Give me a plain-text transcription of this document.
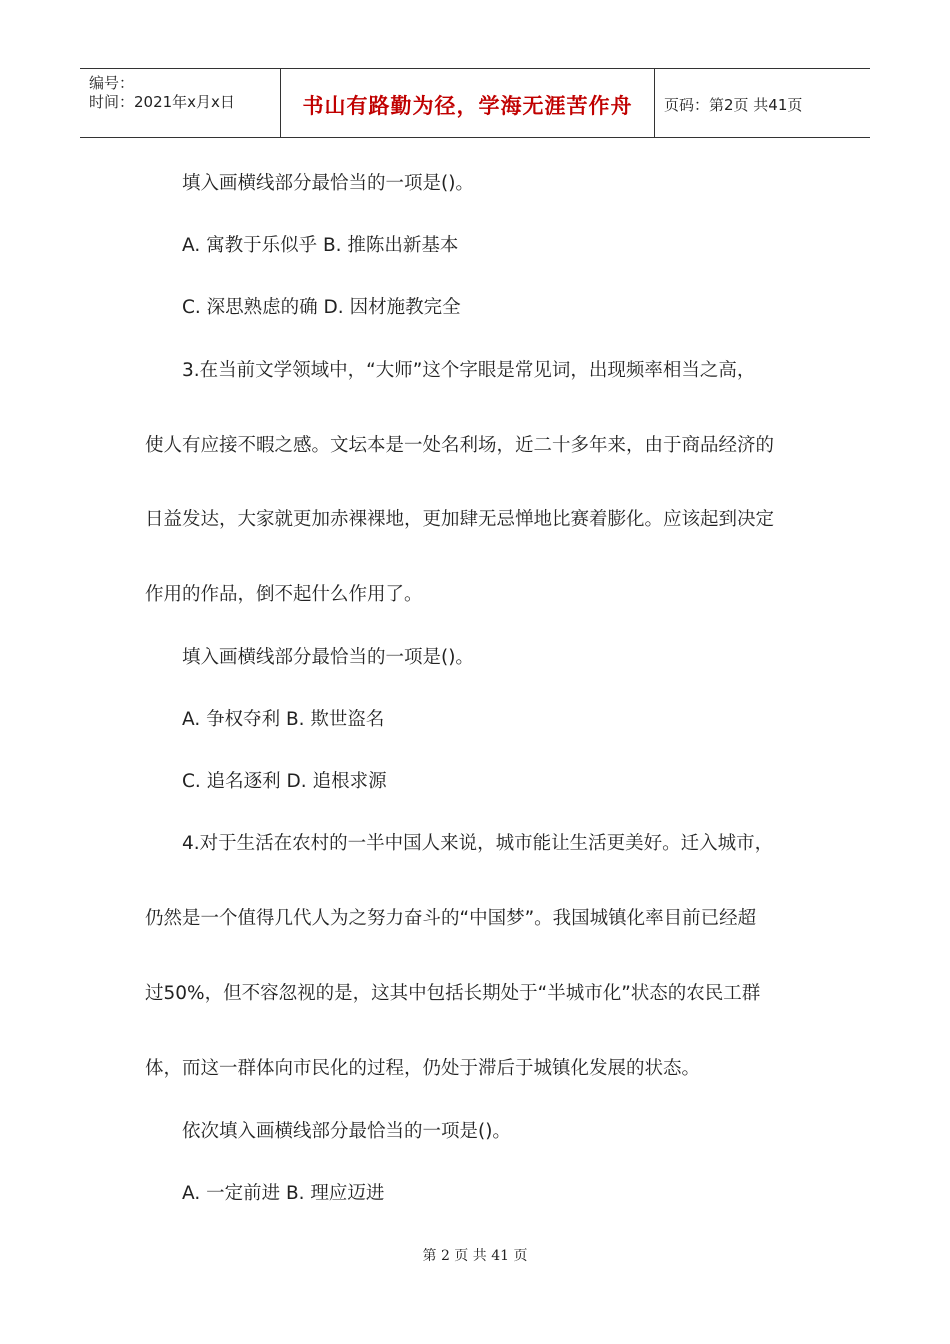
编号：
时间：2021年x月x日	书山有路勤为径，学海无涯苦作舟	页码：第2页 共41页
填入画横线部分最恰当的一项是()。
A. 寓教于乐似乎 B. 推陈出新基本
C. 深思熟虑的确 D. 因材施教完全
3.在当前文学领域中，“大师”这个字眼是常见词，出现频率相当之高，
使人有应接不暇之感。文坛本是一处名利场，近二十多年来，由于商品经济的
日益发达，大家就更加赤裸裸地，更加肆无忌惮地比赛着膨化。应该起到决定
作用的作品，倒不起什么作用了。
填入画横线部分最恰当的一项是()。
A. 争权夺利 B. 欺世盗名
C. 追名逐利 D. 追根求源
4.对于生活在农村的一半中国人来说，城市能让生活更美好。迁入城市，
仍然是一个值得几代人为之努力奋斗的“中国梦”。我国城镇化率目前已经超
过50%，但不容忽视的是，这其中包括长期处于“半城市化”状态的农民工群
体，而这一群体向市民化的过程，仍处于滞后于城镇化发展的状态。
依次填入画横线部分最恰当的一项是()。
A. 一定前进 B. 理应迈进
第 2 页 共 41 页
